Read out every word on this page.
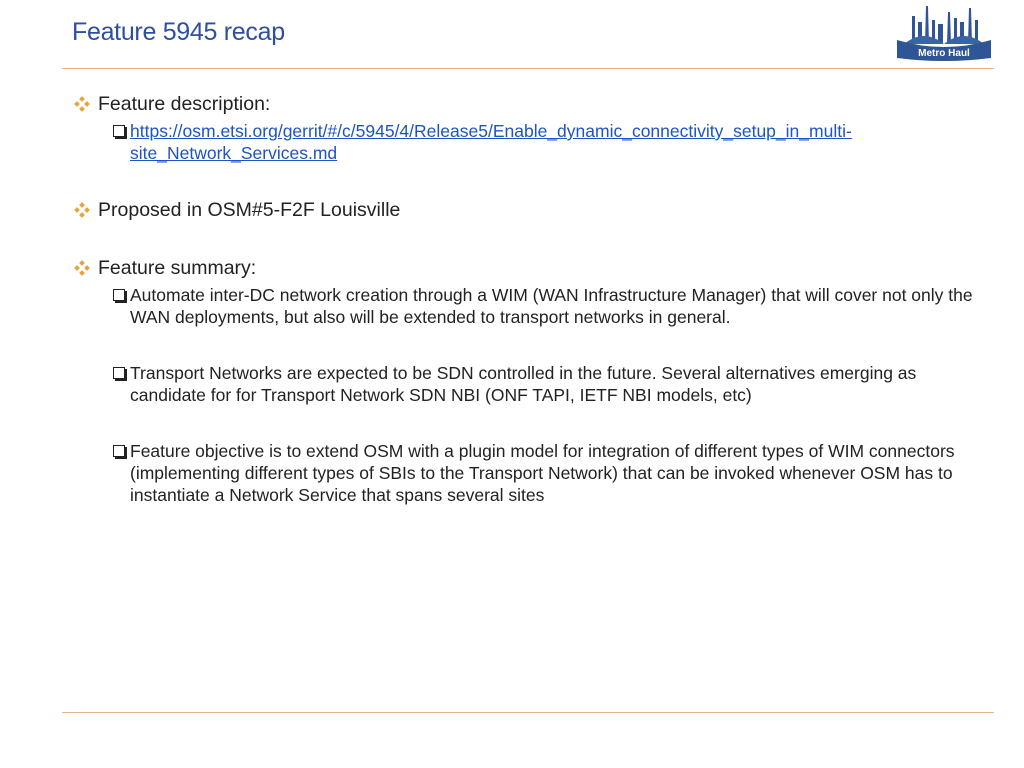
Feature 5945 recap
Metro Haul
Feature description:
https://osm.etsi.org/gerrit/#/c/5945/4/Release5/Enable_dynamic_connectivity_setup_in_multi-site_Network_Services.md
Proposed in OSM#5-F2F Louisville
Feature summary:
Automate inter-DC network creation through a WIM (WAN Infrastructure Manager) that will cover not only the WAN deployments, but also will be extended to transport networks in general.
Transport Networks are expected to be SDN controlled in the future. Several alternatives emerging as candidate for for Transport Network SDN NBI (ONF TAPI, IETF NBI models, etc)
Feature objective is to extend OSM with a plugin model for integration of different types of WIM connectors (implementing different types of SBIs to the Transport Network) that can be invoked whenever OSM has to instantiate a Network Service that spans several sites
